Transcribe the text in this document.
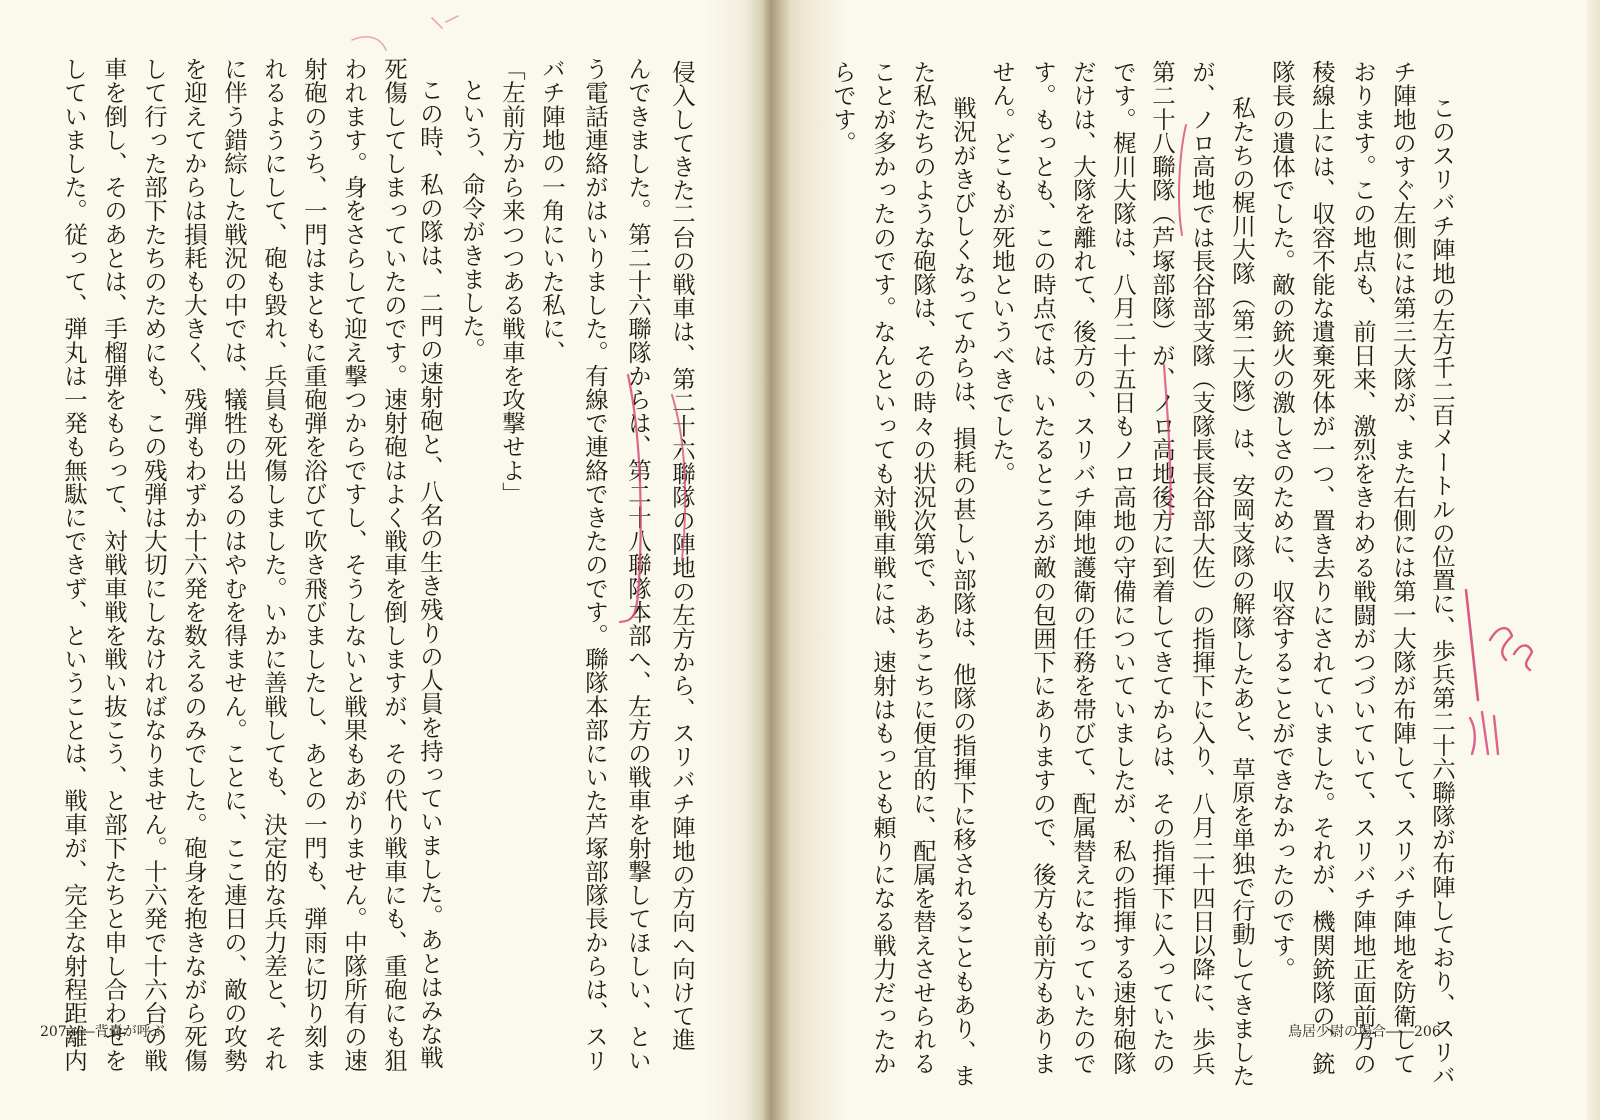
侵入してきた二台の戦車は、第二十六聯隊の陣地の左方から、スリバチ陣地の方向へ向けて進
んできました。第二十六聯隊からは、第二十八聯隊本部へ、左方の戦車を射撃してほしい、とい
う電話連絡がはいりました。有線で連絡できたのです。聯隊本部にいた芦塚部隊長からは、スリ
バチ陣地の一角にいた私に、
「左前方から来つつある戦車を攻撃せよ」
という、命令がきました。
この時、私の隊は、二門の速射砲と、八名の生き残りの人員を持っていました。あとはみな戦
死傷してしまっていたのです。速射砲はよく戦車を倒しますが、その代り戦車にも、重砲にも狙
われます。身をさらして迎え撃つからですし、そうしないと戦果もあがりません。中隊所有の速
射砲のうち、一門はまともに重砲弾を浴びて吹き飛びましたし、あとの一門も、弾雨に切り刻ま
れるようにして、砲も毀れ、兵員も死傷しました。いかに善戦しても、決定的な兵力差と、それ
に伴う錯綜した戦況の中では、犠牲の出るのはやむを得ません。ことに、ここ連日の、敵の攻勢
を迎えてからは損耗も大きく、残弾もわずか十六発を数えるのみでした。砲身を抱きながら死傷
して行った部下たちのためにも、この残弾は大切にしなければなりません。十六発で十六台の戦
車を倒し、そのあとは、手榴弾をもらって、対戦車戦を戦い抜こう、と部下たちと申し合わせを
していました。従って、弾丸は一発も無駄にできず、ということは、戦車が、完全な射程距離内
207――背嚢が呼ぶ	このスリバチ陣地の左方千二百メートルの位置に、歩兵第二十六聯隊が布陣しており、スリバ
チ陣地のすぐ左側には第三大隊が、また右側には第一大隊が布陣して、スリバチ陣地を防衛して
おります。この地点も、前日来、激烈をきわめる戦闘がつづいていて、スリバチ陣地正面前方の
稜線上には、収容不能な遺棄死体が一つ、置き去りにされていました。それが、機関銃隊の、銃
隊長の遺体でした。敵の銃火の激しさのために、収容することができなかったのです。
私たちの梶川大隊（第二大隊）は、安岡支隊の解隊したあと、草原を単独で行動してきました
が、ノロ高地では長谷部支隊（支隊長長谷部大佐）の指揮下に入り、八月二十四日以降に、歩兵
第二十八聯隊（芦塚部隊）が、ノロ高地後方に到着してきてからは、その指揮下に入っていたの
です。梶川大隊は、八月二十五日もノロ高地の守備についていましたが、私の指揮する速射砲隊
だけは、大隊を離れて、後方の、スリバチ陣地護衛の任務を帯びて、配属替えになっていたので
す。もっとも、この時点では、いたるところが敵の包囲下にありますので、後方も前方もありま
せん。どこもが死地というべきでした。
戦況がきびしくなってからは、損耗の甚しい部隊は、他隊の指揮下に移されることもあり、ま
た私たちのような砲隊は、その時々の状況次第で、あちこちに便宜的に、配属を替えさせられる
ことが多かったのです。なんといっても対戦車戦には、速射はもっとも頼りになる戦力だったか
らです。
鳥居少尉の場合――206
